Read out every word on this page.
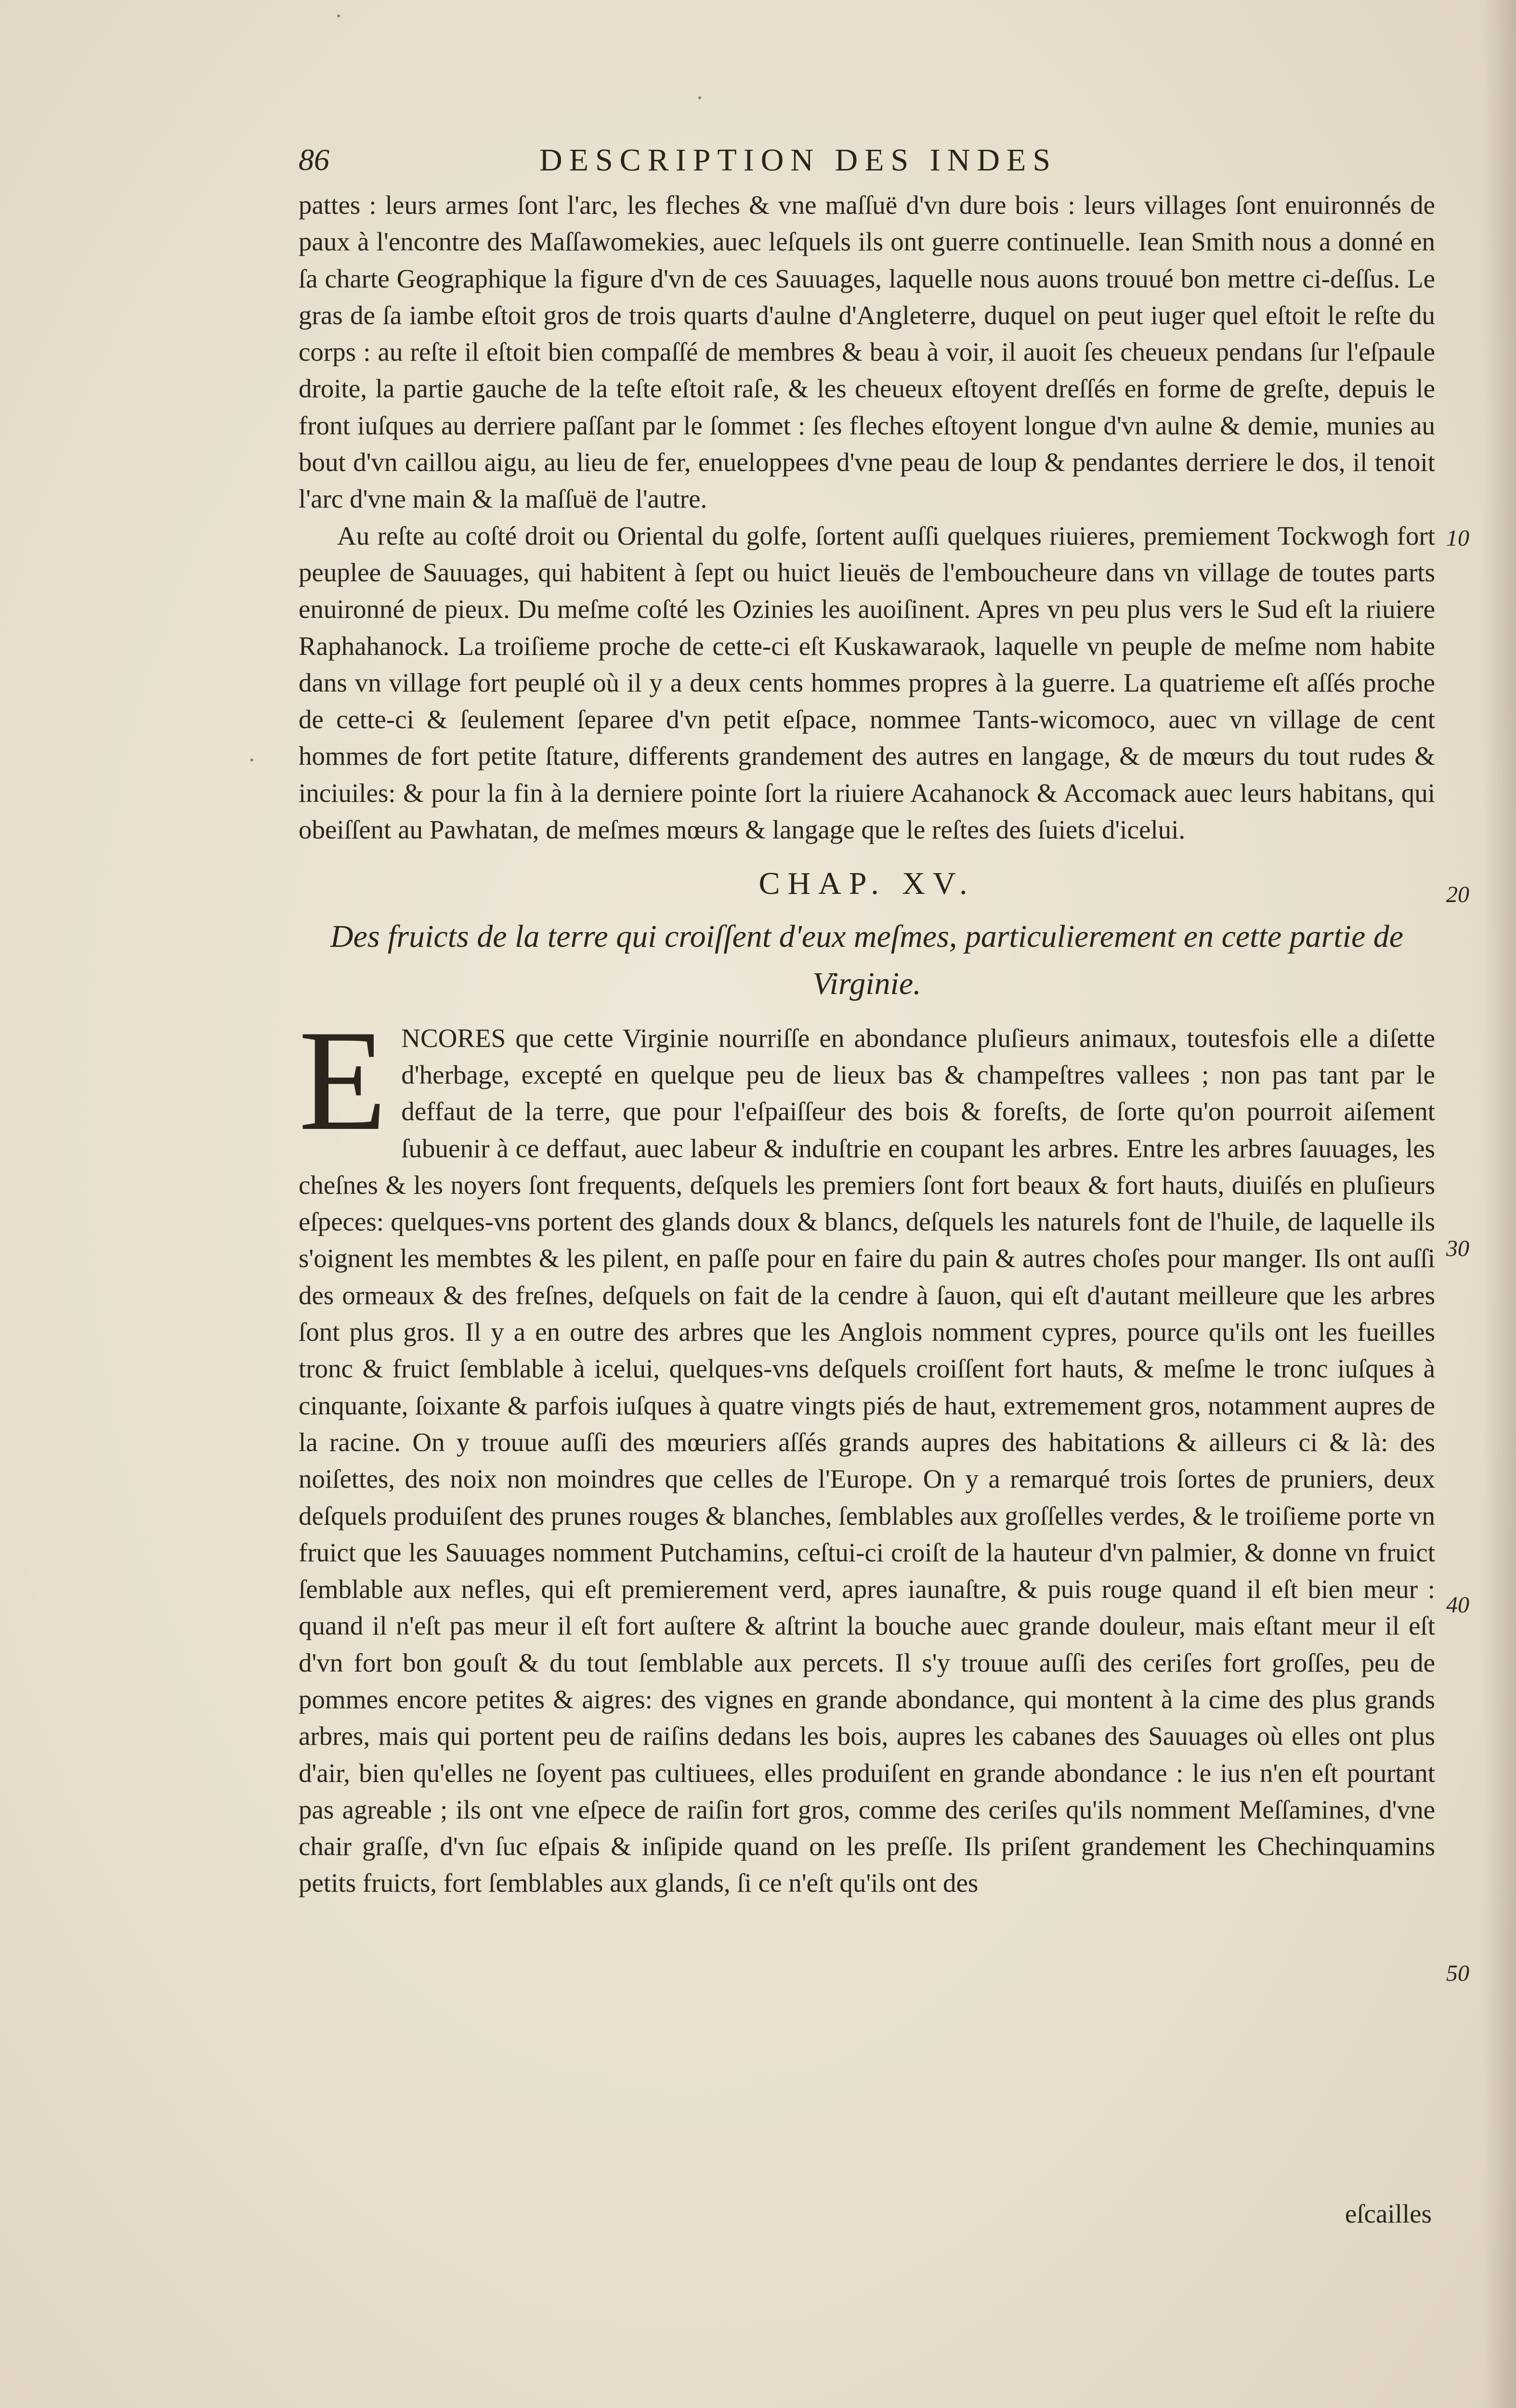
86	DESCRIPTION DES INDES

pattes : leurs armes ſont l'arc, les fleches & vne maſſuë d'vn dure bois : leurs villages ſont enuironnés de paux à l'encontre des Maſſawomekies, auec leſquels ils ont guerre continuelle. Iean Smith nous a donné en ſa charte Geographique la figure d'vn de ces Sauuages, laquelle nous auons trouué bon mettre ci-deſſus. Le gras de ſa iambe eſtoit gros de trois quarts d'aulne d'Angleterre, duquel on peut iuger quel eſtoit le reſte du corps : au reſte il eſtoit bien compaſſé de membres & beau à voir, il auoit ſes cheueux pendans ſur l'eſpaule droite, la partie gauche de la teſte eſtoit raſe, & les cheueux eſtoyent dreſſés en forme de greſte, depuis le front iuſques au derriere paſſant par le ſommet : ſes fleches eſtoyent longue d'vn aulne & demie, munies au bout d'vn caillou aigu, au lieu de fer, enueloppees d'vne peau de loup & pendantes derriere le dos, il tenoit l'arc d'vne main & la maſſuë de l'autre.

Au reſte au coſté droit ou Oriental du golfe, ſortent auſſi quelques riuieres, premiement Tockwogh fort peuplee de Sauuages, qui habitent à ſept ou huict lieuës de l'emboucheure dans vn village de toutes parts enuironné de pieux. Du meſme coſté les Ozinies les auoiſinent. Apres vn peu plus vers le Sud eſt la riuiere Raphahanock. La troiſieme proche de cette-ci eſt Kuskawaraok, laquelle vn peuple de meſme nom habite dans vn village fort peuplé où il y a deux cents hommes propres à la guerre. La quatrieme eſt aſſés proche de cette-ci & ſeulement ſeparee d'vn petit eſpace, nommee Tants-wicomoco, auec vn village de cent hommes de fort petite ſtature, differents grandement des autres en langage, & de mœurs du tout rudes & inciuiles: & pour la fin à la derniere pointe ſort la riuiere Acahanock & Accomack auec leurs habitans, qui obeiſſent au Pawhatan, de meſmes mœurs & langage que le reſtes des ſuiets d'icelui.

CHAP. XV.
Des fruicts de la terre qui croiſſent d'eux meſmes, particulierement en cette partie de Virginie.
E NCORES que cette Virginie nourriſſe en abondance pluſieurs animaux, toutesfois elle a diſette d'herbage, excepté en quelque peu de lieux bas & champeſtres vallees ; non pas tant par le deffaut de la terre, que pour l'eſpaiſſeur des bois & foreſts, de ſorte qu'on pourroit aiſement ſubuenir à ce deffaut, auec labeur & induſtrie en coupant les arbres. Entre les arbres ſauuages, les cheſnes & les noyers ſont frequents, deſquels les premiers ſont fort beaux & fort hauts, diuiſés en pluſieurs eſpeces: quelques-vns portent des glands doux & blancs, deſquels les naturels font de l'huile, de laquelle ils s'oignent les membtes & les pilent, en paſſe pour en faire du pain & autres choſes pour manger. Ils ont auſſi des ormeaux & des freſnes, deſquels on fait de la cendre à ſauon, qui eſt d'autant meilleure que les arbres ſont plus gros. Il y a en outre des arbres que les Anglois nomment cypres, pource qu'ils ont les fueilles tronc & fruict ſemblable à icelui, quelques-vns deſquels croiſſent fort hauts, & meſme le tronc iuſques à cinquante, ſoixante & parfois iuſques à quatre vingts piés de haut, extremement gros, notamment aupres de la racine. On y trouue auſſi des mœuriers aſſés grands aupres des habitations & ailleurs ci & là: des noiſettes, des noix non moindres que celles de l'Europe. On y a remarqué trois ſortes de pruniers, deux deſquels produiſent des prunes rouges & blanches, ſemblables aux groſſelles verdes, & le troiſieme porte vn fruict que les Sauuages nomment Putchamins, ceſtui-ci croiſt de la hauteur d'vn palmier, & donne vn fruict ſemblable aux nefles, qui eſt premierement verd, apres iaunaſtre, & puis rouge quand il eſt bien meur : quand il n'eſt pas meur il eſt fort auſtere & aſtrint la bouche auec grande douleur, mais eſtant meur il eſt d'vn fort bon gouſt & du tout ſemblable aux percets. Il s'y trouue auſſi des ceriſes fort groſſes, peu de pommes encore petites & aigres: des vignes en grande abondance, qui montent à la cime des plus grands arbres, mais qui portent peu de raiſins dedans les bois, aupres les cabanes des Sauuages où elles ont plus d'air, bien qu'elles ne ſoyent pas cultiuees, elles produiſent en grande abondance : le ius n'en eſt pourtant pas agreable ; ils ont vne eſpece de raiſin fort gros, comme des ceriſes qu'ils nomment Meſſamines, d'vne chair graſſe, d'vn ſuc eſpais & inſipide quand on les preſſe. Ils priſent grandement les Chechinquamins petits fruicts, fort ſemblables aux glands, ſi ce n'eſt qu'ils ont des

10
20
30
40
50
eſcailles
